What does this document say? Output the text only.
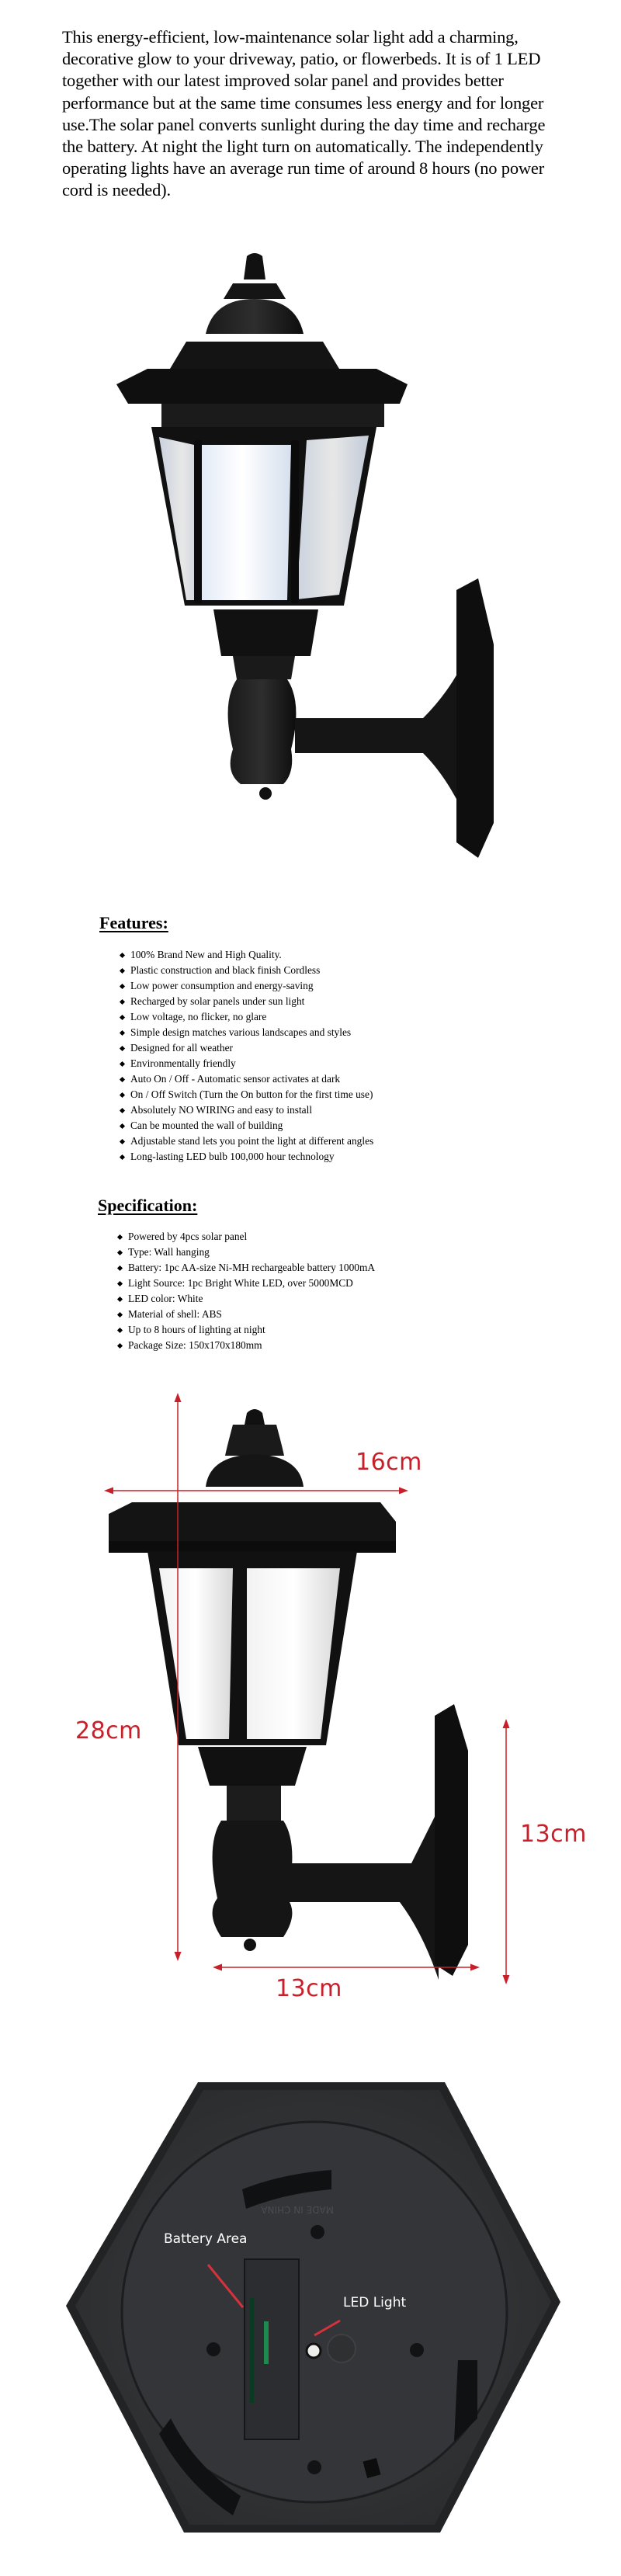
This energy-efficient, low-maintenance solar light add a charming, decorative glow to your driveway, patio, or flowerbeds. It is of 1 LED together with our latest improved solar panel and provides better performance but at the same time consumes less energy and for longer use.The solar panel converts sunlight during the day time and recharge the battery. At night the light turn on automatically. The independently operating lights have an average run time of around 8 hours (no power cord is needed).

Features:
100% Brand New and High Quality.
Plastic construction and black finish Cordless
Low power consumption and energy-saving
Recharged by solar panels under sun light
Low voltage, no flicker, no glare
Simple design matches various landscapes and styles
Designed for all weather
Environmentally friendly
Auto On / Off - Automatic sensor activates at dark
On / Off Switch (Turn the On button for the first time use)
Absolutely NO WIRING and easy to install
Can be mounted the wall of building
Adjustable stand lets you point the light at different angles
Long-lasting LED bulb 100,000 hour technology
Specification:
Powered by 4pcs solar panel
Type: Wall hanging
Battery: 1pc AA-size Ni-MH rechargeable battery 1000mA
Light Source: 1pc Bright White LED, over 5000MCD
LED color: White
Material of shell: ABS
Up to 8 hours of lighting at night
Package Size: 150x170x180mm
16cm
28cm
13cm
13cm
MADE IN CHINA
Battery Area
LED Light
